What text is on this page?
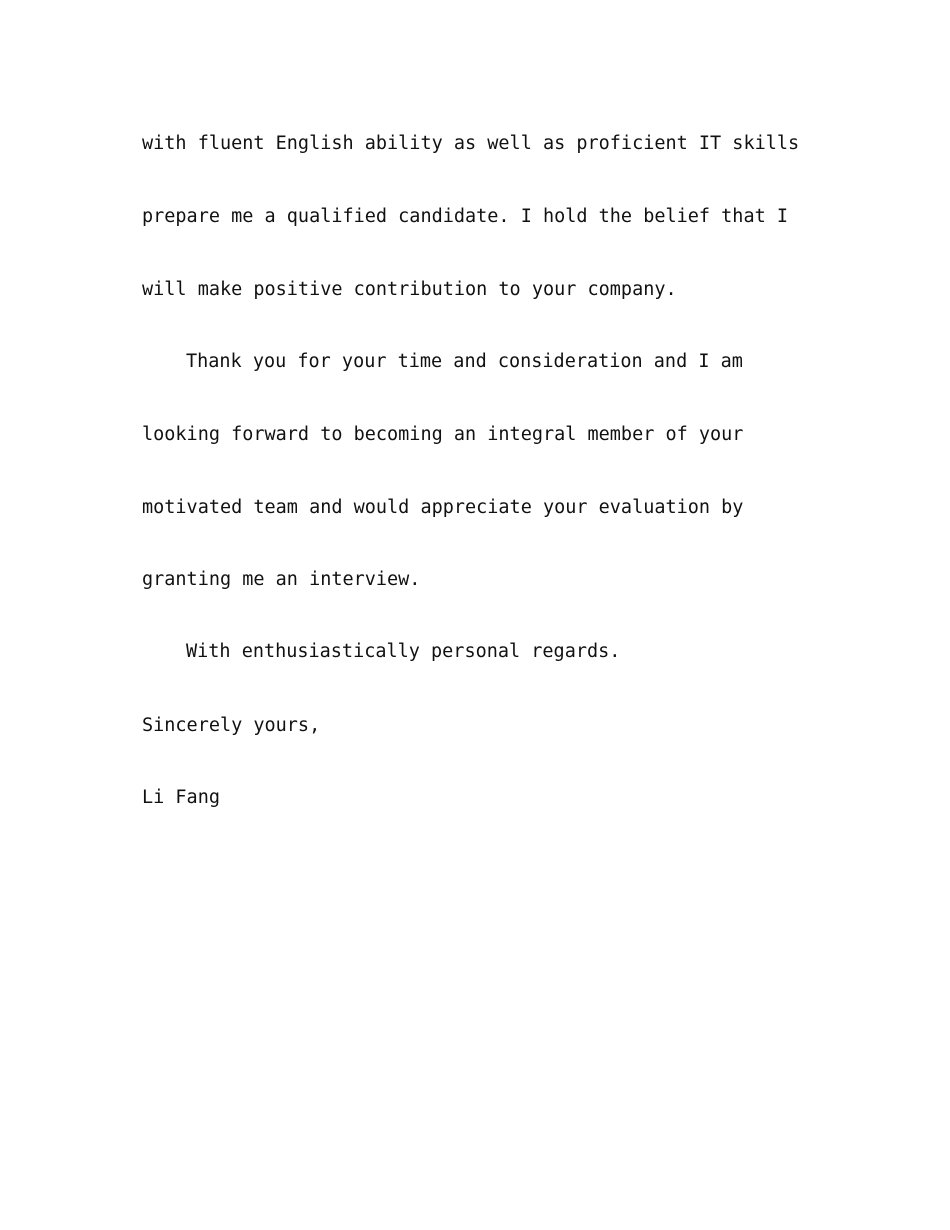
with fluent English ability as well as proficient IT skills

prepare me a qualified candidate. I hold the belief that I

will make positive contribution to your company.

Thank you for your time and consideration and I am

looking forward to becoming an integral member of your

motivated team and would appreciate your evaluation by

granting me an interview.

With enthusiastically personal regards.

Sincerely yours,

Li Fang
